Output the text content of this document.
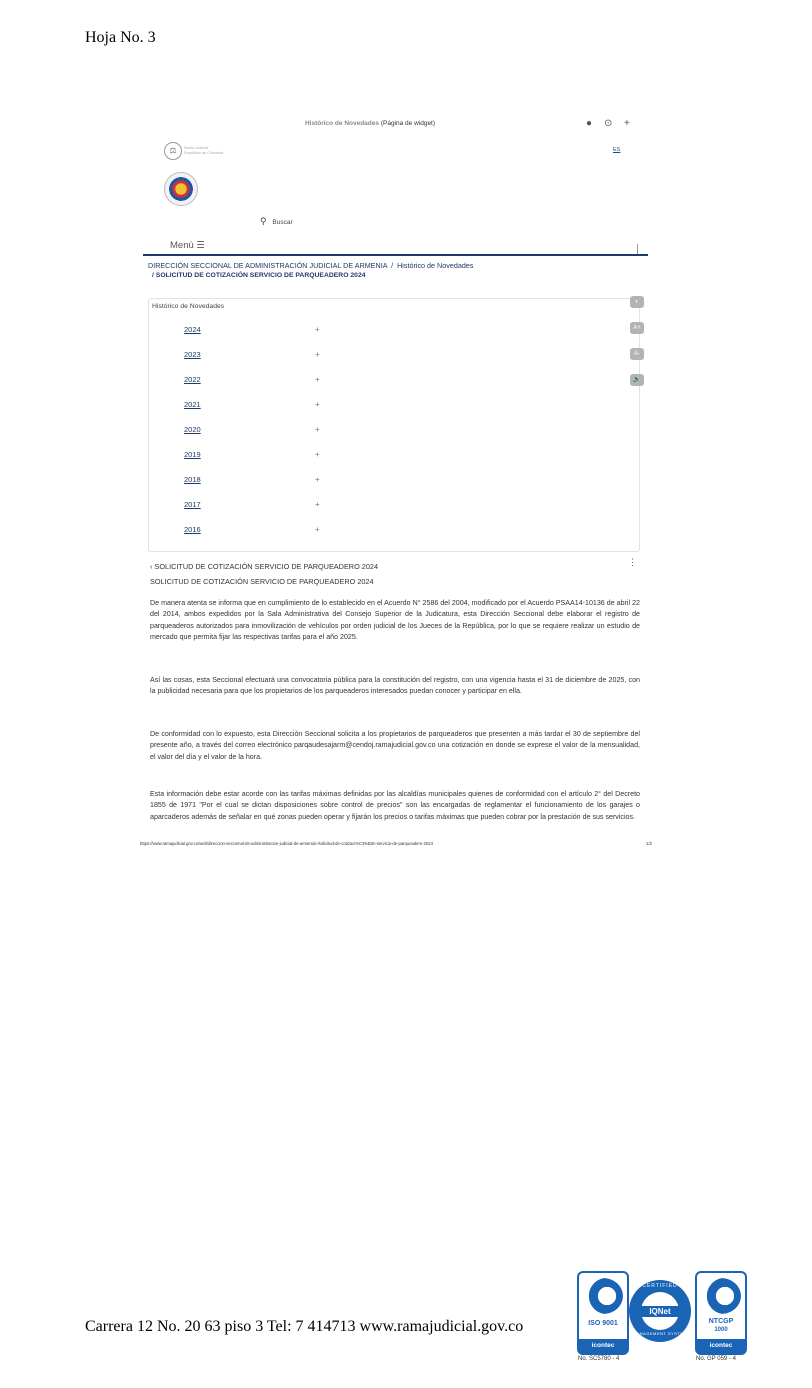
Hoja No. 3
Histórico de Novedades (Página de widget)	● ⊙ +
⚖	Rama Judicial
República de Colombia	ES
⚲ Buscar
Menú ☰
DIRECCIÓN SECCIONAL DE ADMINISTRACIÓN JUDICIAL DE ARMENIA / Histórico de Novedades
/ SOLICITUD DE COTIZACIÓN SERVICIO DE PARQUEADERO 2024
Histórico de Novedades
2024	+
2023	+
2022	+
2021	+
2020	+
2019	+
2018	+
2017	+
2016	+
◐
A+
A-
🔊
‹ SOLICITUD DE COTIZACIÓN SERVICIO DE PARQUEADERO 2024	⋮
SOLICITUD DE COTIZACIÓN SERVICIO DE PARQUEADERO 2024
De manera atenta se informa que en cumplimiento de lo establecido en el Acuerdo N° 2586 del 2004, modificado por el Acuerdo PSAA14-10136 de abril 22 del 2014, ambos expedidos por la Sala Administrativa del Consejo Superior de la Judicatura, esta Dirección Seccional debe elaborar el registro de parqueaderos autorizados para inmovilización de vehículos por orden judicial de los Jueces de la República, por lo que se requiere realizar un estudio de mercado que permita fijar las respectivas tarifas para el año 2025.
Así las cosas, esta Seccional efectuará una convocatoria pública para la constitución del registro, con una vigencia hasta el 31 de diciembre de 2025, con la publicidad necesaria para que los propietarios de los parqueaderos interesados puedan conocer y participar en ella.
De conformidad con lo expuesto, esta Dirección Seccional solicita a los propietarios de parqueaderos que presenten a más tardar el 30 de septiembre del presente año, a través del correo electrónico parqaudesajarm@cendoj.ramajudicial.gov.co una cotización en donde se exprese el valor de la mensualidad, el valor del día y el valor de la hora.
Esta información debe estar acorde con las tarifas máximas definidas por las alcaldías municipales quienes de conformidad con el artículo 2° del Decreto 1855 de 1971 "Por el cual se dictan disposiciones sobre control de precios" son las encargadas de reglamentar el funcionamiento de los garajes o aparcaderos además de señalar en qué zonas pueden operar y fijarán los precios o tarifas máximas que pueden cobrar por la prestación de sus servicios.
https://www.ramajudicial.gov.co/web/direccion-seccional-de-administracion-judicial-de-armenia/-/solicitud-de-cotizaci%C3%B3n-servicio-de-parqueadero-2024	1/2
Carrera 12 No. 20 63 piso 3 Tel: 7 414713 www.ramajudicial.gov.co	ISO 9001
icontec
No. SC5780 - 4
CERTIFIED
IQNet
MANAGEMENT SYSTEM
NTCGP
1000
icontec
No. GP 059 - 4
